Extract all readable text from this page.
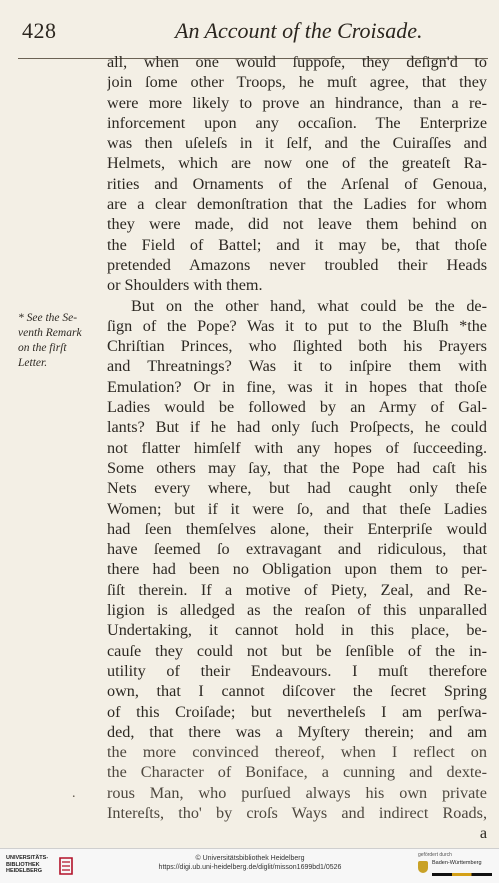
428	An Account of the Croisade.
all, when one would ſuppoſe, they deſign'd to
join ſome other Troops, he muſt agree, that they
were more likely to prove an hindrance, than a re-
inforcement upon any occaſion. The Enterprize
was then uſeleſs in it ſelf, and the Cuiraſſes and
Helmets, which are now one of the greateſt Ra-
rities and Ornaments of the Arſenal of Genoua,
are a clear demonſtration that the Ladies for whom
they were made, did not leave them behind on
the Field of Battel; and it may be, that thoſe
pretended Amazons never troubled their Heads
or Shoulders with them.
But on the other hand, what could be the de-
ſign of the Pope? Was it to put to the Bluſh *the
Chriſtian Princes, who ſlighted both his Prayers
and Threatnings? Was it to inſpire them with
Emulation? Or in fine, was it in hopes that thoſe
Ladies would be followed by an Army of Gal-
lants? But if he had only ſuch Proſpects, he could
not flatter himſelf with any hopes of ſucceeding.
Some others may ſay, that the Pope had caſt his
Nets every where, but had caught only theſe
Women; but if it were ſo, and that theſe Ladies
had ſeen themſelves alone, their Enterpriſe would
have ſeemed ſo extravagant and ridiculous, that
there had been no Obligation upon them to per-
ſiſt therein. If a motive of Piety, Zeal, and Re-
ligion is alledged as the reaſon of this unparalled
Undertaking, it cannot hold in this place, be-
cauſe they could not but be ſenſible of the in-
utility of their Endeavours. I muſt therefore
own, that I cannot diſcover the ſecret Spring
of this Croiſade; but neverthelеſs I am perſwa-
ded, that there was a Myſtery therein; and am
the more convinced thereof, when I reflect on
the Character of Boniface, a cunning and dexte-
rous Man, who purſued always his own private
Intereſts, tho' by croſs Ways and indirect Roads,
a
* See the Se-
venth Remark
on the firſt
Letter.
.
UNIVERSITÄTS-
BIBLIOTHEK
HEIDELBERG
© Universitätsbibliothek Heidelberg
https://digi.ub.uni-heidelberg.de/diglit/misson1699bd1/0526
gefördert durch
Baden-Württemberg
